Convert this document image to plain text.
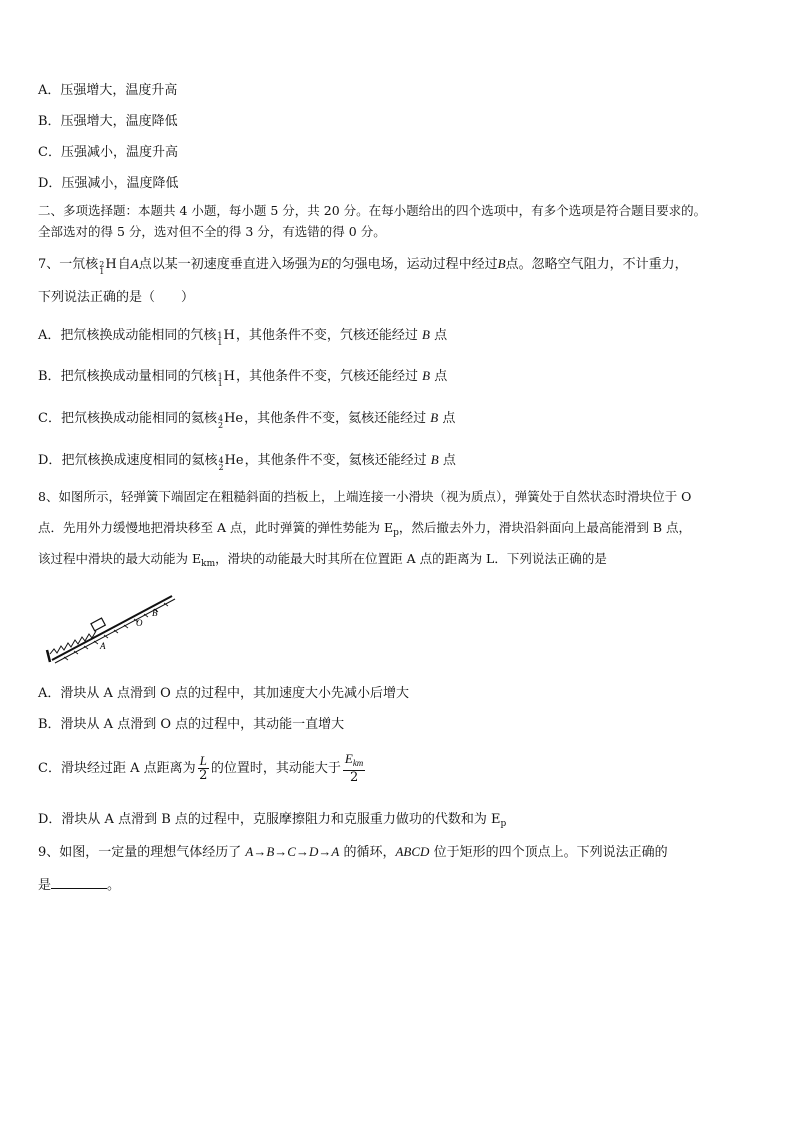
A．压强增大，温度升高
B．压强增大，温度降低
C．压强减小，温度升高
D．压强减小，温度降低
二、多项选择题：本题共 4 小题，每小题 5 分，共 20 分。在每小题给出的四个选项中，有多个选项是符合题目要求的。
全部选对的得 5 分，选对但不全的得 3 分，有选错的得 0 分。
7、一氘核 2
1 H自A点以某一初速度垂直进入场强为E的匀强电场，运动过程中经过B点。忽略空气阻力，不计重力，
下列说法正确的是（　　）
A．把氘核换成动能相同的氕核 1
1 H，其他条件不变，氕核还能经过 B 点
B．把氘核换成动量相同的氕核 1
1 H，其他条件不变，氕核还能经过 B 点
C．把氘核换成动能相同的氦核 4
2 He，其他条件不变，氦核还能经过 B 点
D．把氘核换成速度相同的氦核 4
2 He，其他条件不变，氦核还能经过 B 点
8、如图所示，轻弹簧下端固定在粗糙斜面的挡板上，上端连接一小滑块（视为质点），弹簧处于自然状态时滑块位于 O
点．先用外力缓慢地把滑块移至 A 点，此时弹簧的弹性势能为 $E_p$，然后撤去外力，滑块沿斜面向上最高能滑到 B 点，
该过程中滑块的最大动能为 $E_{km}$，滑块的动能最大时其所在位置距 A 点的距离为 L．下列说法正确的是
A
O
B
A．滑块从 A 点滑到 O 点的过程中，其加速度大小先减小后增大
B．滑块从 A 点滑到 O 点的过程中，其动能一直增大
C．滑块经过距 A 点距离为 $\frac{L}{2}$ 的位置时，其动能大于 $\frac{E_{km}}{2}$
D．滑块从 A 点滑到 B 点的过程中，克服摩擦阻力和克服重力做功的代数和为 $E_p$
9、如图，一定量的理想气体经历了 A→B→C→D→A 的循环，ABCD 位于矩形的四个顶点上。下列说法正确的
是	。
